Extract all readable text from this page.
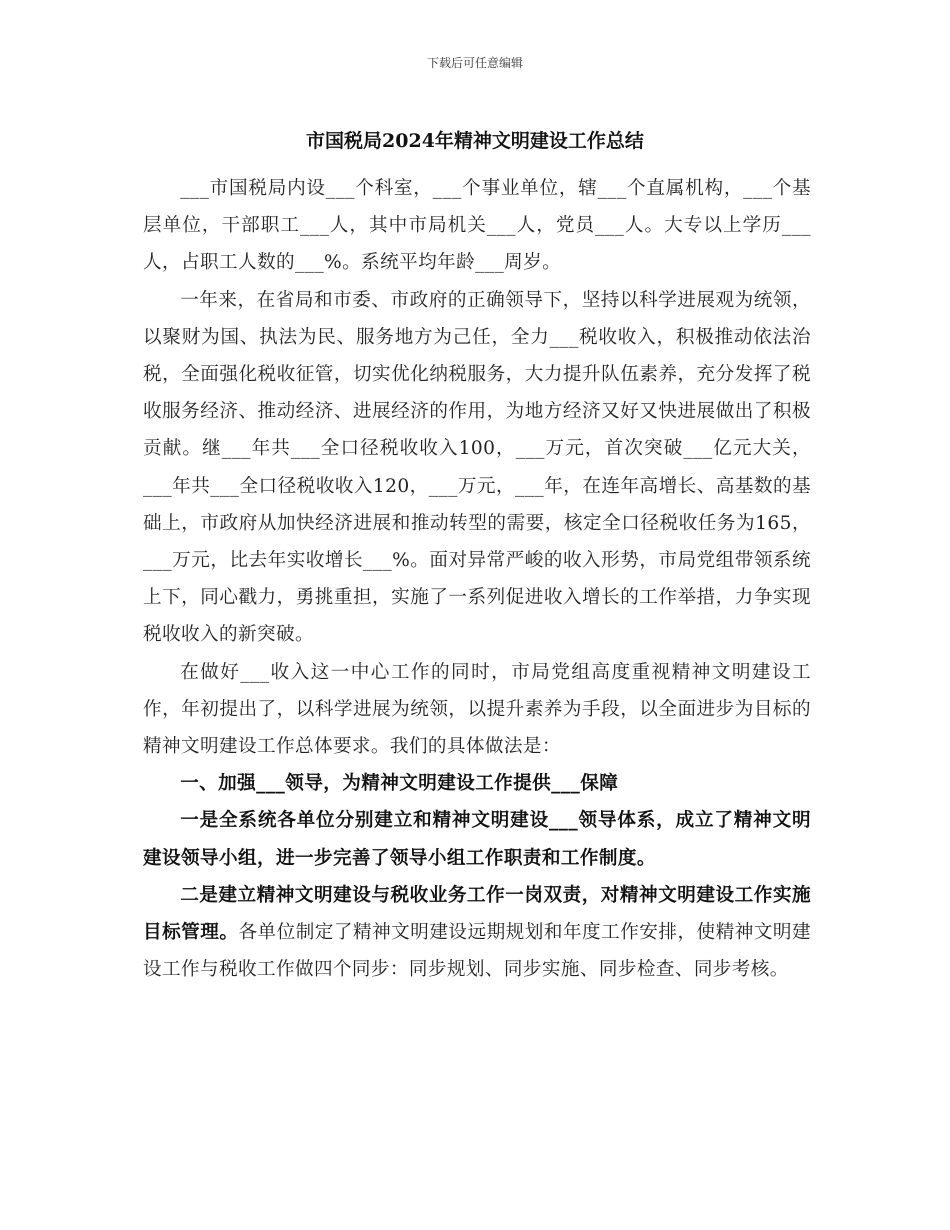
下载后可任意编辑
市国税局2024年精神文明建设工作总结

___市国税局内设___个科室，___个事业单位，辖___个直属机构，___个基层单位，干部职工___人，其中市局机关___人，党员___人。大专以上学历___人，占职工人数的___%。系统平均年龄___周岁。

一年来，在省局和市委、市政府的正确领导下，坚持以科学进展观为统领，以聚财为国、执法为民、服务地方为己任，全力___税收收入，积极推动依法治税，全面强化税收征管，切实优化纳税服务，大力提升队伍素养，充分发挥了税收服务经济、推动经济、进展经济的作用，为地方经济又好又快进展做出了积极贡献。继___年共___全口径税收收入100，___万元，首次突破___亿元大关，___年共___全口径税收收入120，___万元，___年，在连年高增长、高基数的基础上，市政府从加快经济进展和推动转型的需要，核定全口径税收任务为165，___万元，比去年实收增长___%。面对异常严峻的收入形势，市局党组带领系统上下，同心戳力，勇挑重担，实施了一系列促进收入增长的工作举措，力争实现税收收入的新突破。

在做好___收入这一中心工作的同时，市局党组高度重视精神文明建设工作，年初提出了，以科学进展为统领，以提升素养为手段，以全面进步为目标的精神文明建设工作总体要求。我们的具体做法是：

一、加强___领导，为精神文明建设工作提供___保障

一是全系统各单位分别建立和精神文明建设___领导体系，成立了精神文明建设领导小组，进一步完善了领导小组工作职责和工作制度。

二是建立精神文明建设与税收业务工作一岗双责，对精神文明建设工作实施目标管理。各单位制定了精神文明建设远期规划和年度工作安排，使精神文明建设工作与税收工作做四个同步：同步规划、同步实施、同步检查、同步考核。
